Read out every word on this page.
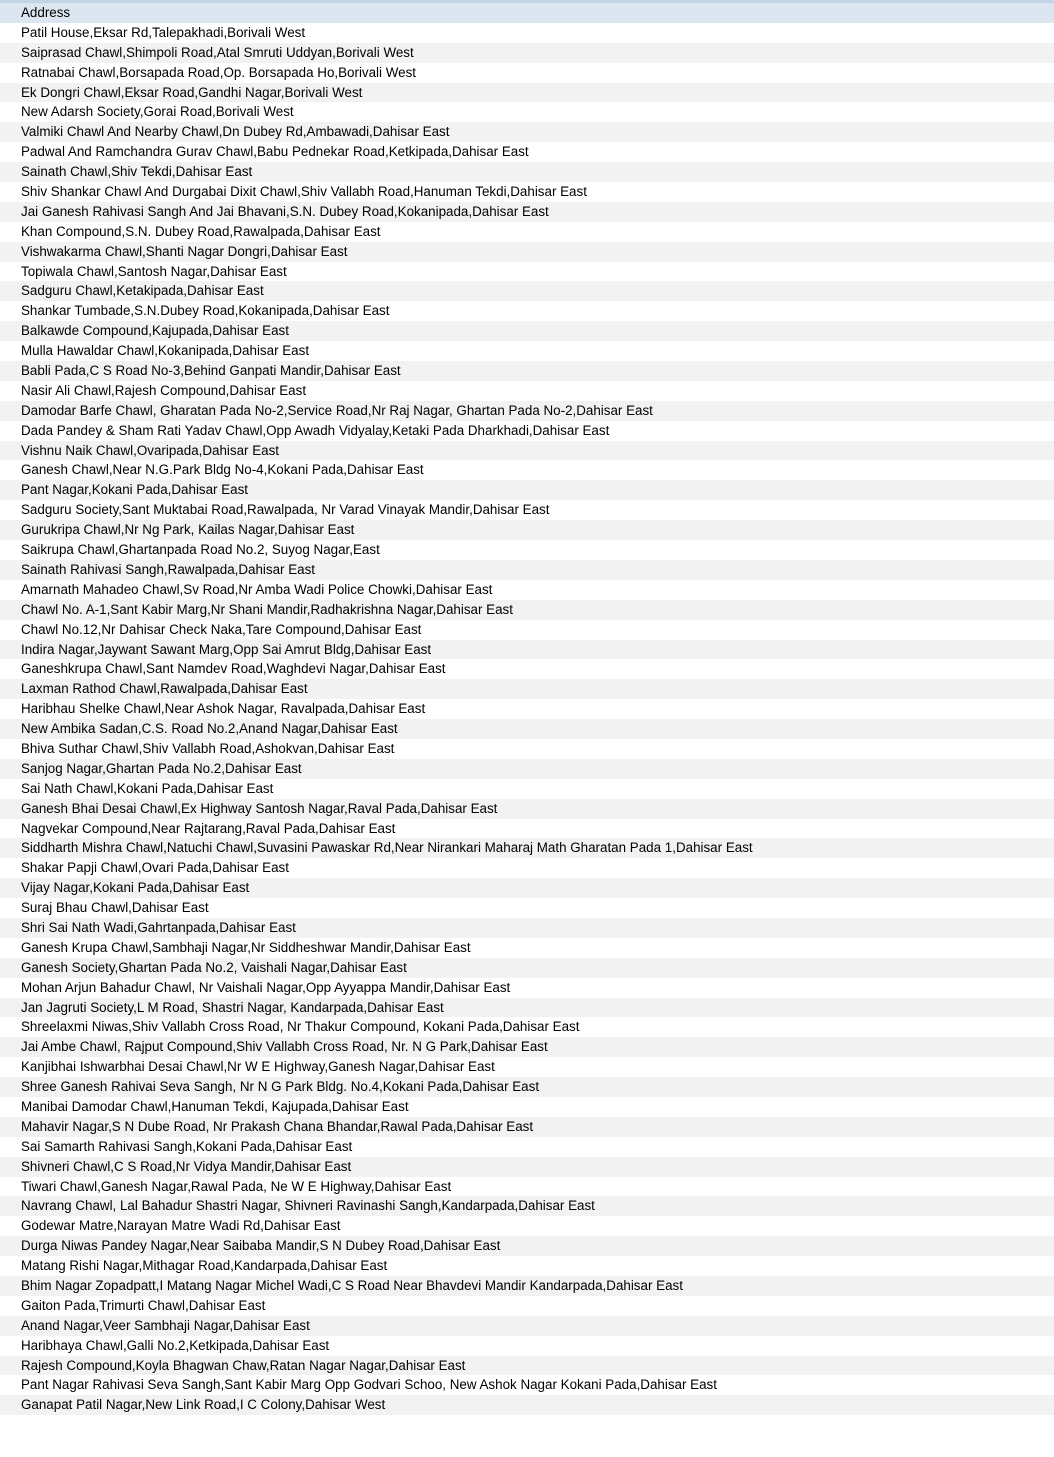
Address
Patil House,Eksar Rd,Talepakhadi,Borivali West
Saiprasad Chawl,Shimpoli Road,Atal Smruti Uddyan,Borivali West
Ratnabai Chawl,Borsapada Road,Op. Borsapada Ho,Borivali West
Ek Dongri Chawl,Eksar Road,Gandhi Nagar,Borivali West
New Adarsh Society,Gorai Road,Borivali West
Valmiki Chawl And Nearby Chawl,Dn Dubey Rd,Ambawadi,Dahisar East
Padwal And Ramchandra Gurav Chawl,Babu Pednekar Road,Ketkipada,Dahisar East
Sainath Chawl,Shiv Tekdi,Dahisar East
Shiv Shankar Chawl And Durgabai Dixit Chawl,Shiv Vallabh Road,Hanuman Tekdi,Dahisar East
Jai Ganesh Rahivasi Sangh And Jai Bhavani,S.N. Dubey Road,Kokanipada,Dahisar East
Khan Compound,S.N. Dubey Road,Rawalpada,Dahisar East
Vishwakarma Chawl,Shanti Nagar Dongri,Dahisar East
Topiwala Chawl,Santosh Nagar,Dahisar East
Sadguru Chawl,Ketakipada,Dahisar East
Shankar Tumbade,S.N.Dubey Road,Kokanipada,Dahisar East
Balkawde Compound,Kajupada,Dahisar East
Mulla Hawaldar Chawl,Kokanipada,Dahisar East
Babli Pada,C S Road No-3,Behind Ganpati Mandir,Dahisar East
Nasir Ali Chawl,Rajesh Compound,Dahisar East
Damodar Barfe Chawl, Gharatan Pada No-2,Service Road,Nr Raj Nagar, Ghartan Pada No-2,Dahisar East
Dada Pandey & Sham Rati Yadav Chawl,Opp Awadh Vidyalay,Ketaki Pada Dharkhadi,Dahisar East
Vishnu Naik Chawl,Ovaripada,Dahisar East
Ganesh Chawl,Near N.G.Park Bldg No-4,Kokani Pada,Dahisar East
Pant Nagar,Kokani Pada,Dahisar East
Sadguru Society,Sant Muktabai Road,Rawalpada, Nr Varad Vinayak Mandir,Dahisar East
Gurukripa Chawl,Nr Ng Park, Kailas Nagar,Dahisar East
Saikrupa Chawl,Ghartanpada Road No.2, Suyog Nagar,East
Sainath Rahivasi Sangh,Rawalpada,Dahisar East
Amarnath Mahadeo Chawl,Sv Road,Nr Amba Wadi Police Chowki,Dahisar East
Chawl No. A-1,Sant Kabir Marg,Nr Shani Mandir,Radhakrishna Nagar,Dahisar East
Chawl No.12,Nr Dahisar Check Naka,Tare Compound,Dahisar East
Indira Nagar,Jaywant Sawant Marg,Opp Sai Amrut Bldg,Dahisar East
Ganeshkrupa Chawl,Sant Namdev Road,Waghdevi Nagar,Dahisar East
Laxman Rathod Chawl,Rawalpada,Dahisar East
Haribhau Shelke Chawl,Near Ashok Nagar, Ravalpada,Dahisar East
New Ambika Sadan,C.S. Road No.2,Anand Nagar,Dahisar East
Bhiva Suthar Chawl,Shiv Vallabh Road,Ashokvan,Dahisar East
Sanjog Nagar,Ghartan Pada No.2,Dahisar East
Sai Nath Chawl,Kokani Pada,Dahisar East
Ganesh Bhai Desai Chawl,Ex Highway Santosh Nagar,Raval Pada,Dahisar East
Nagvekar Compound,Near Rajtarang,Raval Pada,Dahisar East
Siddharth Mishra Chawl,Natuchi Chawl,Suvasini Pawaskar Rd,Near Nirankari Maharaj Math Gharatan Pada 1,Dahisar East
Shakar Papji Chawl,Ovari Pada,Dahisar East
Vijay Nagar,Kokani Pada,Dahisar East
Suraj Bhau Chawl,Dahisar East
Shri Sai Nath Wadi,Gahrtanpada,Dahisar East
Ganesh Krupa Chawl,Sambhaji Nagar,Nr Siddheshwar Mandir,Dahisar East
Ganesh Society,Ghartan Pada No.2, Vaishali Nagar,Dahisar East
Mohan Arjun Bahadur Chawl, Nr Vaishali Nagar,Opp Ayyappa Mandir,Dahisar East
Jan Jagruti Society,L M Road, Shastri Nagar, Kandarpada,Dahisar East
Shreelaxmi Niwas,Shiv Vallabh Cross Road, Nr Thakur Compound, Kokani Pada,Dahisar East
Jai Ambe Chawl, Rajput Compound,Shiv Vallabh Cross Road, Nr. N G Park,Dahisar East
Kanjibhai Ishwarbhai Desai Chawl,Nr W E Highway,Ganesh Nagar,Dahisar East
Shree Ganesh Rahivai Seva Sangh, Nr N G Park Bldg. No.4,Kokani Pada,Dahisar East
Manibai Damodar Chawl,Hanuman Tekdi, Kajupada,Dahisar East
Mahavir Nagar,S N Dube Road, Nr Prakash Chana Bhandar,Rawal Pada,Dahisar East
Sai Samarth Rahivasi Sangh,Kokani Pada,Dahisar East
Shivneri Chawl,C S Road,Nr Vidya Mandir,Dahisar East
Tiwari Chawl,Ganesh Nagar,Rawal Pada, Ne W E Highway,Dahisar East
Navrang Chawl, Lal Bahadur Shastri Nagar, Shivneri Ravinashi Sangh,Kandarpada,Dahisar East
Godewar Matre,Narayan Matre Wadi Rd,Dahisar East
Durga Niwas Pandey Nagar,Near Saibaba Mandir,S N Dubey Road,Dahisar East
Matang Rishi Nagar,Mithagar Road,Kandarpada,Dahisar East
Bhim Nagar Zopadpatt,I Matang Nagar Michel Wadi,C S Road Near Bhavdevi Mandir Kandarpada,Dahisar East
Gaiton Pada,Trimurti Chawl,Dahisar East
Anand Nagar,Veer Sambhaji Nagar,Dahisar East
Haribhaya Chawl,Galli No.2,Ketkipada,Dahisar East
Rajesh Compound,Koyla Bhagwan Chaw,Ratan Nagar Nagar,Dahisar East
Pant Nagar Rahivasi Seva Sangh,Sant Kabir Marg Opp Godvari Schoo, New Ashok Nagar Kokani Pada,Dahisar East
Ganapat Patil Nagar,New Link Road,I C Colony,Dahisar West
